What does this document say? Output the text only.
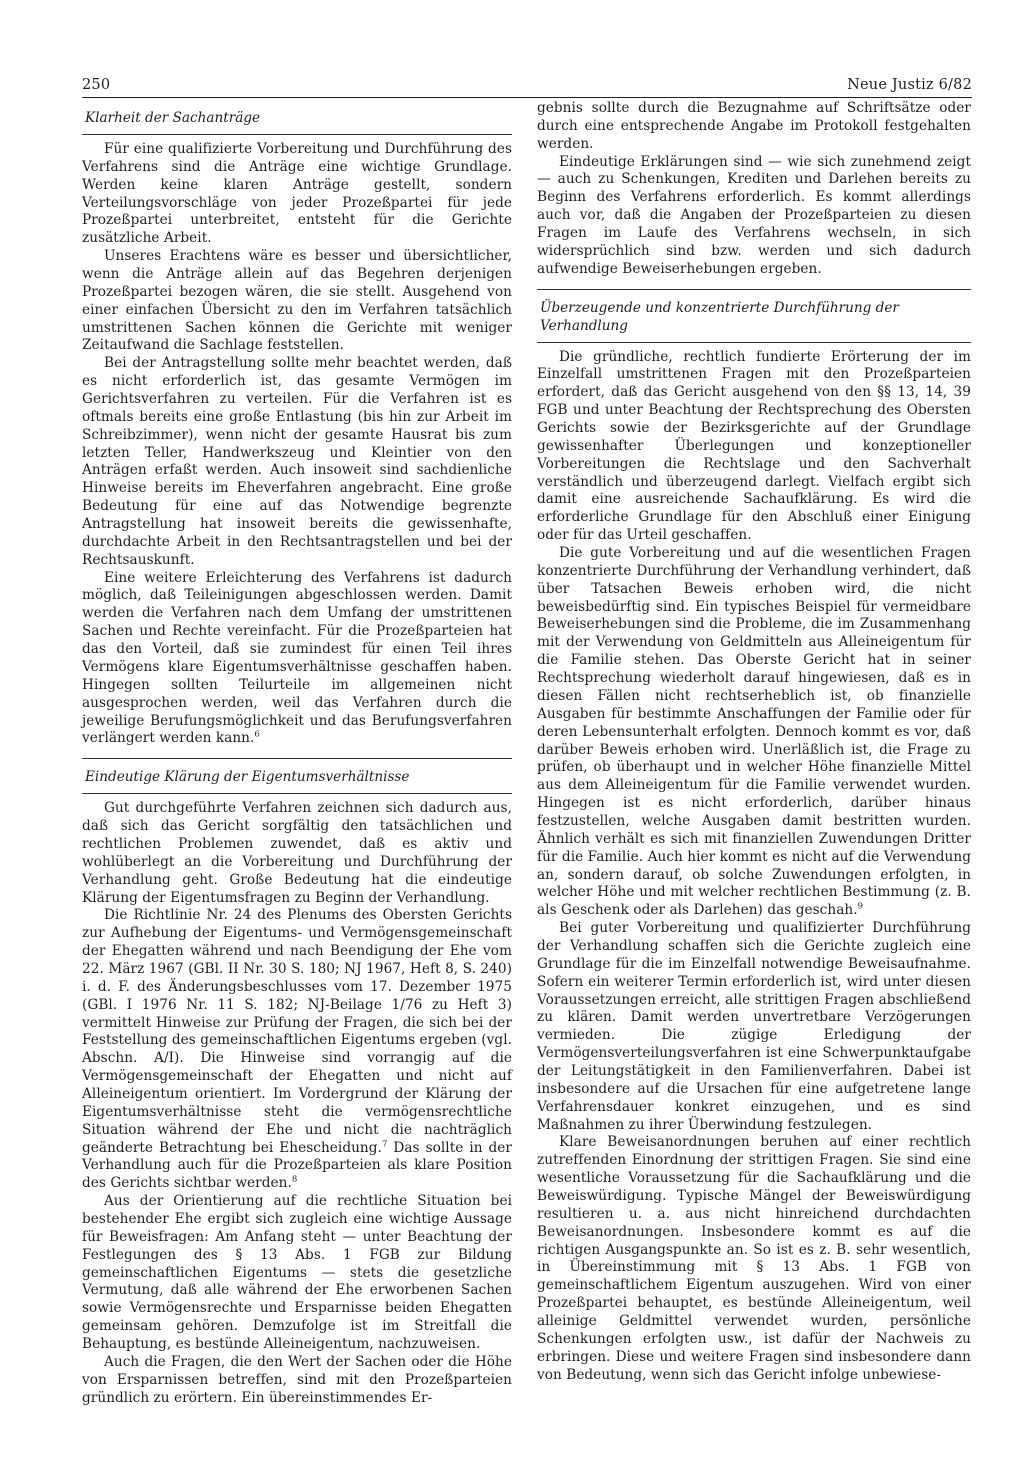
250	Neue Justiz 6/82
Klarheit der Sachanträge

Für eine qualifizierte Vorbereitung und Durchführung des Verfahrens sind die Anträge eine wichtige Grundlage. Werden keine klaren Anträge gestellt, sondern Verteilungsvorschläge von jeder Prozeßpartei für jede Prozeßpartei unterbreitet, entsteht für die Gerichte zusätzliche Arbeit.

Unseres Erachtens wäre es besser und übersichtlicher, wenn die Anträge allein auf das Begehren derjenigen Prozeßpartei bezogen wären, die sie stellt. Ausgehend von einer einfachen Übersicht zu den im Verfahren tatsächlich umstrittenen Sachen können die Gerichte mit weniger Zeitaufwand die Sachlage feststellen.

Bei der Antragstellung sollte mehr beachtet werden, daß es nicht erforderlich ist, das gesamte Vermögen im Gerichtsverfahren zu verteilen. Für die Verfahren ist es oftmals bereits eine große Entlastung (bis hin zur Arbeit im Schreibzimmer), wenn nicht der gesamte Hausrat bis zum letzten Teller, Handwerkszeug und Kleintier von den Anträgen erfaßt werden. Auch insoweit sind sachdienliche Hinweise bereits im Eheverfahren angebracht. Eine große Bedeutung für eine auf das Notwendige begrenzte Antragstellung hat insoweit bereits die gewissenhafte, durchdachte Arbeit in den Rechtsantragstellen und bei der Rechtsauskunft.

Eine weitere Erleichterung des Verfahrens ist dadurch möglich, daß Teileinigungen abgeschlossen werden. Damit werden die Verfahren nach dem Umfang der umstrittenen Sachen und Rechte vereinfacht. Für die Prozeßparteien hat das den Vorteil, daß sie zumindest für einen Teil ihres Vermögens klare Eigentumsverhältnisse geschaffen haben. Hingegen sollten Teilurteile im allgemeinen nicht ausgesprochen werden, weil das Verfahren durch die jeweilige Berufungsmöglichkeit und das Berufungsverfahren verlängert werden kann.$^6$

Eindeutige Klärung der Eigentumsverhältnisse

Gut durchgeführte Verfahren zeichnen sich dadurch aus, daß sich das Gericht sorgfältig den tatsächlichen und rechtlichen Problemen zuwendet, daß es aktiv und wohlüberlegt an die Vorbereitung und Durchführung der Verhandlung geht. Große Bedeutung hat die eindeutige Klärung der Eigentumsfragen zu Beginn der Verhandlung.

Die Richtlinie Nr. 24 des Plenums des Obersten Gerichts zur Aufhebung der Eigentums- und Vermögensgemeinschaft der Ehegatten während und nach Beendigung der Ehe vom 22. März 1967 (GBl. II Nr. 30 S. 180; NJ 1967, Heft 8, S. 240) i. d. F. des Änderungsbeschlusses vom 17. Dezember 1975 (GBl. I 1976 Nr. 11 S. 182; NJ-Beilage 1/76 zu Heft 3) vermittelt Hinweise zur Prüfung der Fragen, die sich bei der Feststellung des gemeinschaftlichen Eigentums ergeben (vgl. Abschn. A/I). Die Hinweise sind vorrangig auf die Vermögensgemeinschaft der Ehegatten und nicht auf Alleineigentum orientiert. Im Vordergrund der Klärung der Eigentumsverhältnisse steht die vermögensrechtliche Situation während der Ehe und nicht die nachträglich geänderte Betrachtung bei Ehescheidung.$^7$ Das sollte in der Verhandlung auch für die Prozeßparteien als klare Position des Gerichts sichtbar werden.$^8$

Aus der Orientierung auf die rechtliche Situation bei bestehender Ehe ergibt sich zugleich eine wichtige Aussage für Beweisfragen: Am Anfang steht — unter Beachtung der Festlegungen des § 13 Abs. 1 FGB zur Bildung gemeinschaftlichen Eigentums — stets die gesetzliche Vermutung, daß alle während der Ehe erworbenen Sachen sowie Vermögensrechte und Ersparnisse beiden Ehegatten gemeinsam gehören. Demzufolge ist im Streitfall die Behauptung, es bestünde Alleineigentum, nachzuweisen.

Auch die Fragen, die den Wert der Sachen oder die Höhe von Ersparnissen betreffen, sind mit den Prozeßparteien gründlich zu erörtern. Ein übereinstimmendes Er-

gebnis sollte durch die Bezugnahme auf Schriftsätze oder durch eine entsprechende Angabe im Protokoll festgehalten werden.

Eindeutige Erklärungen sind — wie sich zunehmend zeigt — auch zu Schenkungen, Krediten und Darlehen bereits zu Beginn des Verfahrens erforderlich. Es kommt allerdings auch vor, daß die Angaben der Prozeßparteien zu diesen Fragen im Laufe des Verfahrens wechseln, in sich widersprüchlich sind bzw. werden und sich dadurch aufwendige Beweiserhebungen ergeben.

Überzeugende und konzentrierte Durchführung der Verhandlung

Die gründliche, rechtlich fundierte Erörterung der im Einzelfall umstrittenen Fragen mit den Prozeßparteien erfordert, daß das Gericht ausgehend von den §§ 13, 14, 39 FGB und unter Beachtung der Rechtsprechung des Obersten Gerichts sowie der Bezirksgerichte auf der Grundlage gewissenhafter Überlegungen und konzeptioneller Vorbereitungen die Rechtslage und den Sachverhalt verständlich und überzeugend darlegt. Vielfach ergibt sich damit eine ausreichende Sachaufklärung. Es wird die erforderliche Grundlage für den Abschluß einer Einigung oder für das Urteil geschaffen.

Die gute Vorbereitung und auf die wesentlichen Fragen konzentrierte Durchführung der Verhandlung verhindert, daß über Tatsachen Beweis erhoben wird, die nicht beweisbedürftig sind. Ein typisches Beispiel für vermeidbare Beweiserhebungen sind die Probleme, die im Zusammenhang mit der Verwendung von Geldmitteln aus Alleineigentum für die Familie stehen. Das Oberste Gericht hat in seiner Rechtsprechung wiederholt darauf hingewiesen, daß es in diesen Fällen nicht rechtserheblich ist, ob finanzielle Ausgaben für bestimmte Anschaffungen der Familie oder für deren Lebensunterhalt erfolgten. Dennoch kommt es vor, daß darüber Beweis erhoben wird. Unerläßlich ist, die Frage zu prüfen, ob überhaupt und in welcher Höhe finanzielle Mittel aus dem Alleineigentum für die Familie verwendet wurden. Hingegen ist es nicht erforderlich, darüber hinaus festzustellen, welche Ausgaben damit bestritten wurden. Ähnlich verhält es sich mit finanziellen Zuwendungen Dritter für die Familie. Auch hier kommt es nicht auf die Verwendung an, sondern darauf, ob solche Zuwendungen erfolgten, in welcher Höhe und mit welcher rechtlichen Bestimmung (z. B. als Geschenk oder als Darlehen) das geschah.$^9$

Bei guter Vorbereitung und qualifizierter Durchführung der Verhandlung schaffen sich die Gerichte zugleich eine Grundlage für die im Einzelfall notwendige Beweisaufnahme. Sofern ein weiterer Termin erforderlich ist, wird unter diesen Voraussetzungen erreicht, alle strittigen Fragen abschließend zu klären. Damit werden unvertretbare Verzögerungen vermieden. Die zügige Erledigung der Vermögensverteilungsverfahren ist eine Schwerpunktaufgabe der Leitungstätigkeit in den Familienverfahren. Dabei ist insbesondere auf die Ursachen für eine aufgetretene lange Verfahrensdauer konkret einzugehen, und es sind Maßnahmen zu ihrer Überwindung festzulegen.

Klare Beweisanordnungen beruhen auf einer rechtlich zutreffenden Einordnung der strittigen Fragen. Sie sind eine wesentliche Voraussetzung für die Sachaufklärung und die Beweiswürdigung. Typische Mängel der Beweiswürdigung resultieren u. a. aus nicht hinreichend durchdachten Beweisanordnungen. Insbesondere kommt es auf die richtigen Ausgangspunkte an. So ist es z. B. sehr wesentlich, in Übereinstimmung mit § 13 Abs. 1 FGB von gemeinschaftlichem Eigentum auszugehen. Wird von einer Prozeßpartei behauptet, es bestünde Alleineigentum, weil alleinige Geldmittel verwendet wurden, persönliche Schenkungen erfolgten usw., ist dafür der Nachweis zu erbringen. Diese und weitere Fragen sind insbesondere dann von Bedeutung, wenn sich das Gericht infolge unbewiese-
